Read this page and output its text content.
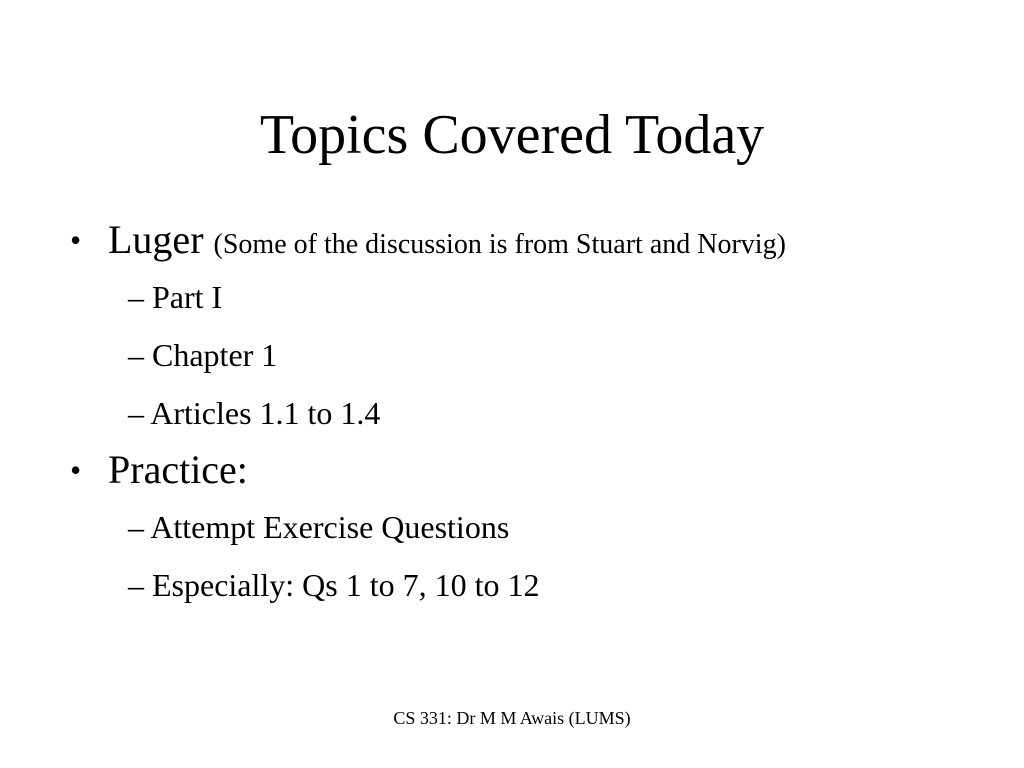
Topics Covered Today
• Luger (Some of the discussion is from Stuart and Norvig)
– Part I
– Chapter 1
– Articles 1.1 to 1.4
• Practice:
– Attempt Exercise Questions
– Especially: Qs 1 to 7, 10 to 12
CS 331: Dr M M Awais (LUMS)
